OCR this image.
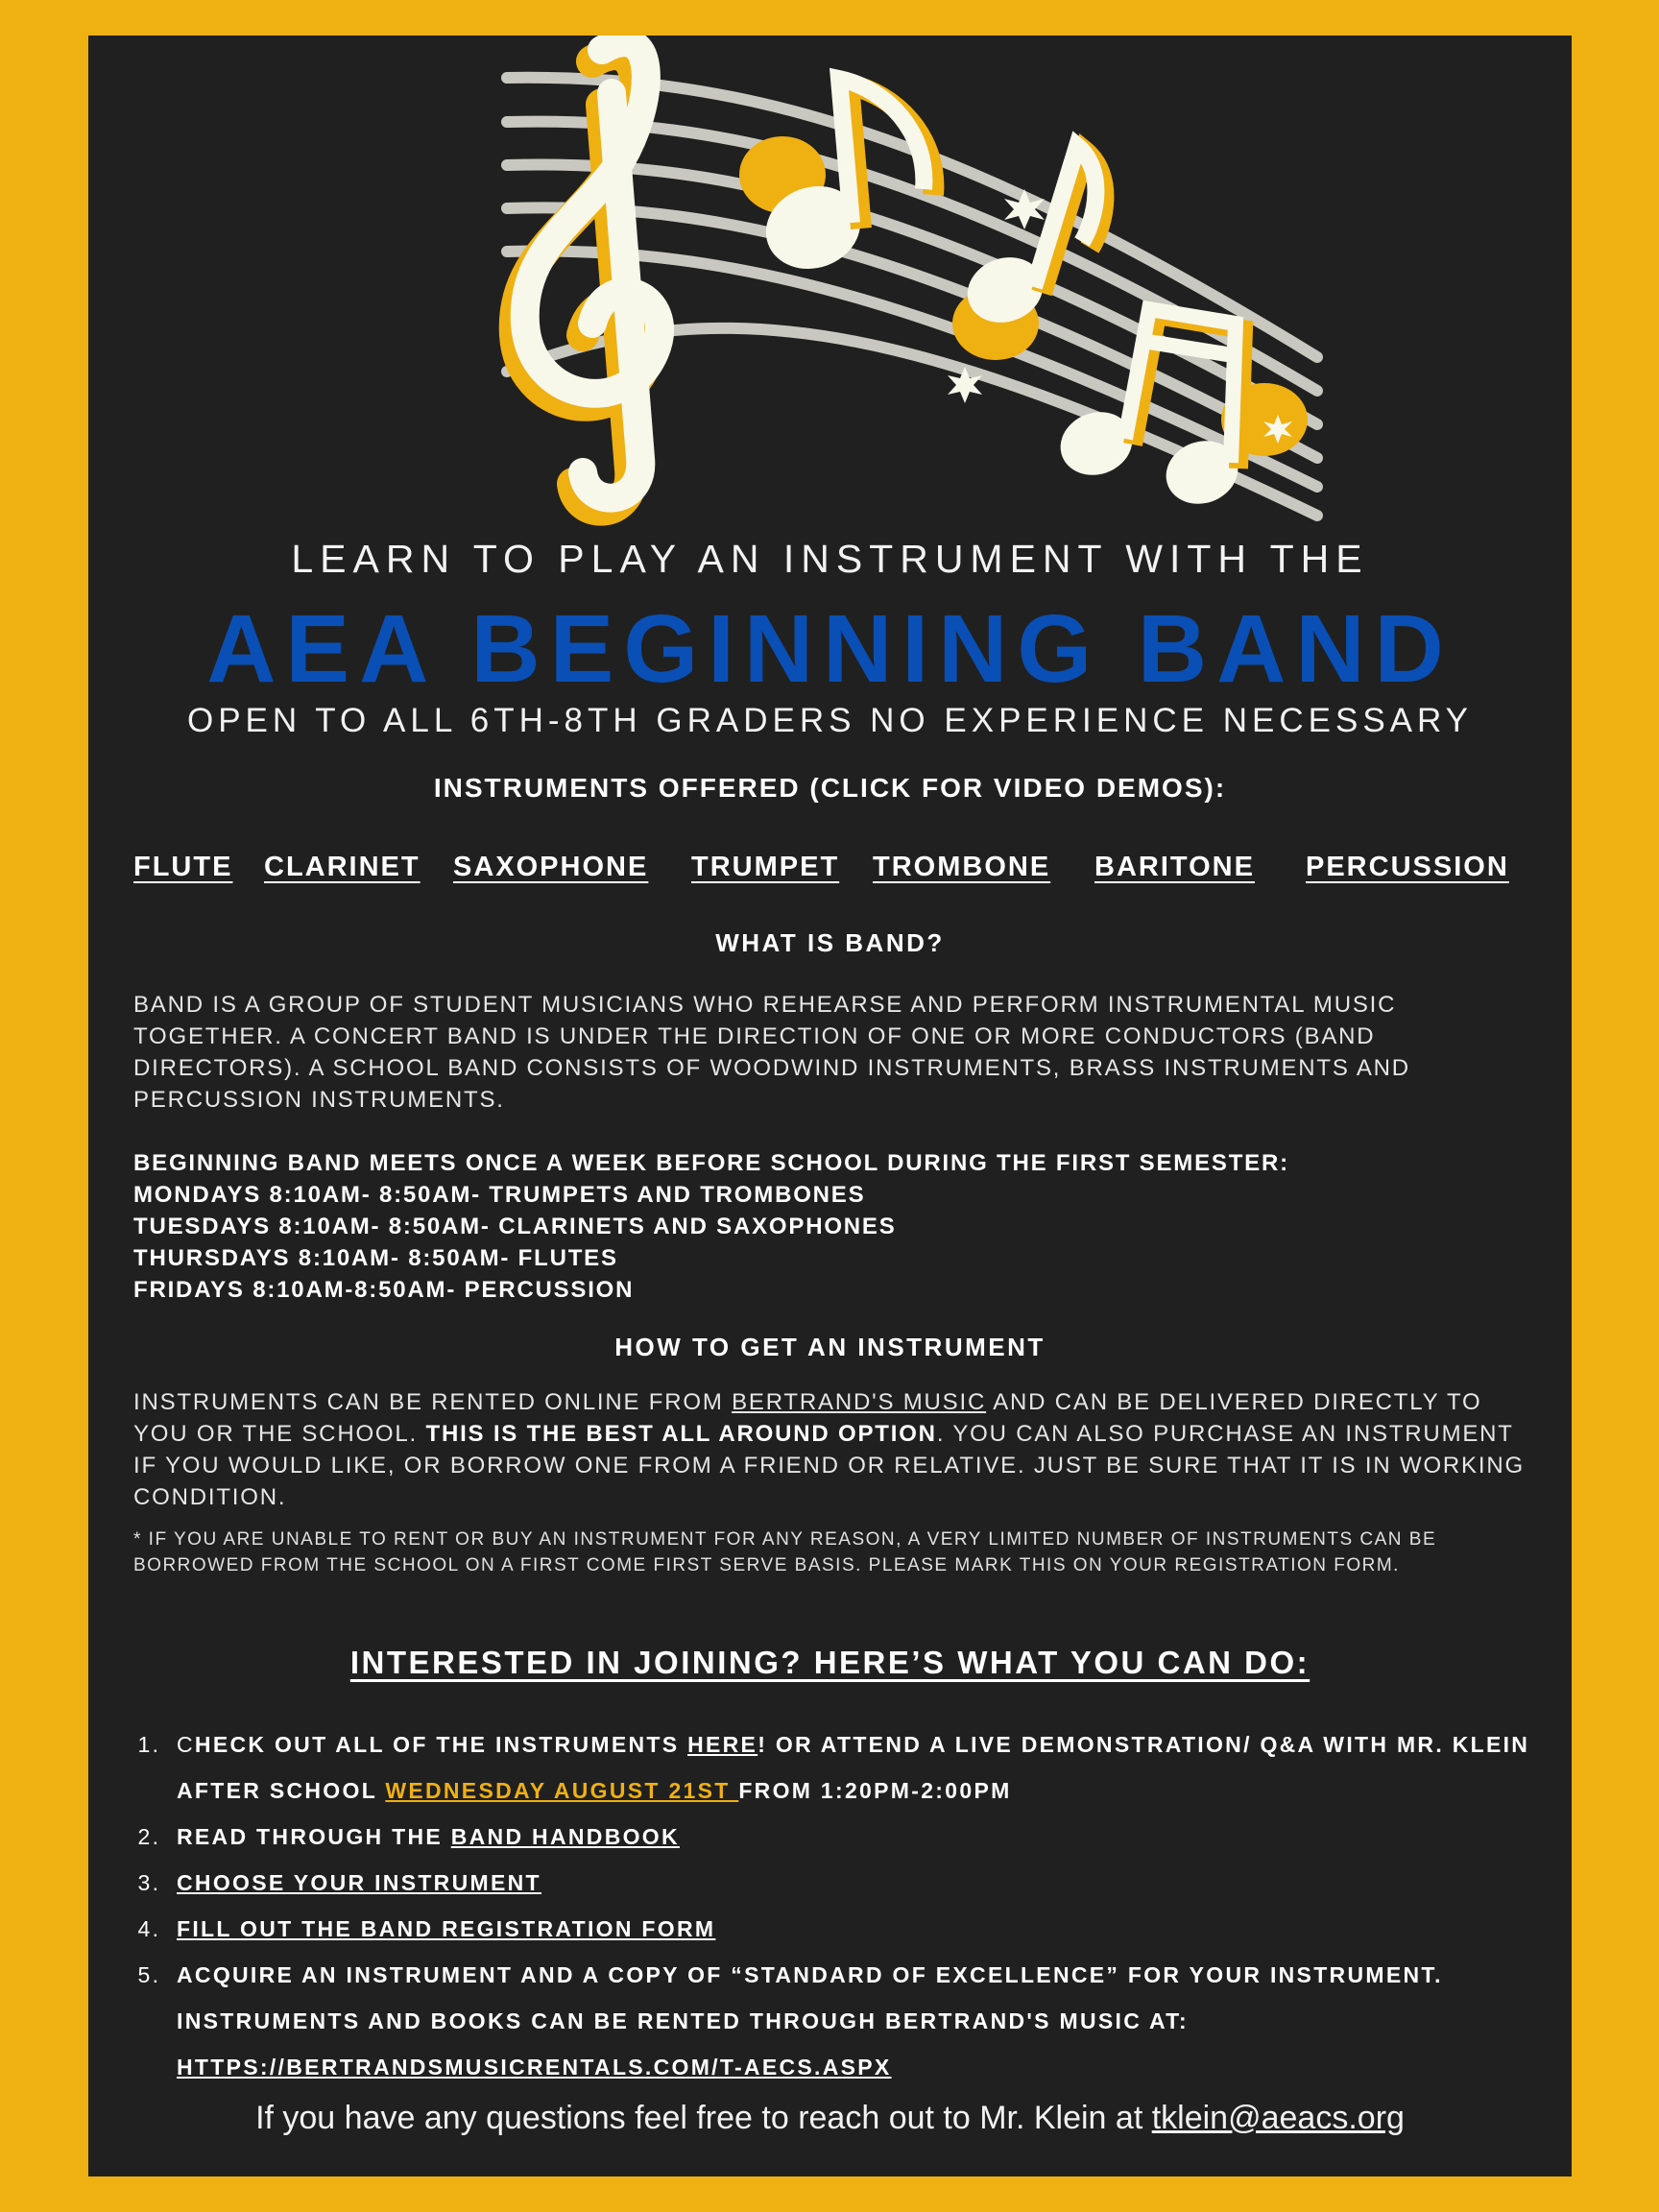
LEARN TO PLAY AN INSTRUMENT WITH THE
AEA BEGINNING BAND
OPEN TO ALL 6TH-8TH GRADERS NO EXPERIENCE NECESSARY
INSTRUMENTS OFFERED (CLICK FOR VIDEO DEMOS):
FLUTE CLARINET SAXOPHONE TRUMPET TROMBONE BARITONE PERCUSSION
WHAT IS BAND?
BAND IS A GROUP OF STUDENT MUSICIANS WHO REHEARSE AND PERFORM INSTRUMENTAL MUSIC TOGETHER. A CONCERT BAND IS UNDER THE DIRECTION OF ONE OR MORE CONDUCTORS (BAND DIRECTORS). A SCHOOL BAND CONSISTS OF WOODWIND INSTRUMENTS, BRASS INSTRUMENTS AND PERCUSSION INSTRUMENTS.
BEGINNING BAND MEETS ONCE A WEEK BEFORE SCHOOL DURING THE FIRST SEMESTER:
MONDAYS 8:10AM- 8:50AM- TRUMPETS AND TROMBONES
TUESDAYS 8:10AM- 8:50AM- CLARINETS AND SAXOPHONES
THURSDAYS 8:10AM- 8:50AM- FLUTES
FRIDAYS 8:10AM-8:50AM- PERCUSSION
HOW TO GET AN INSTRUMENT
INSTRUMENTS CAN BE RENTED ONLINE FROM BERTRAND'S MUSIC AND CAN BE DELIVERED DIRECTLY TO YOU OR THE SCHOOL. THIS IS THE BEST ALL AROUND OPTION. YOU CAN ALSO PURCHASE AN INSTRUMENT IF YOU WOULD LIKE, OR BORROW ONE FROM A FRIEND OR RELATIVE. JUST BE SURE THAT IT IS IN WORKING CONDITION.
* IF YOU ARE UNABLE TO RENT OR BUY AN INSTRUMENT FOR ANY REASON, A VERY LIMITED NUMBER OF INSTRUMENTS CAN BE BORROWED FROM THE SCHOOL ON A FIRST COME FIRST SERVE BASIS. PLEASE MARK THIS ON YOUR REGISTRATION FORM.
INTERESTED IN JOINING? HERE’S WHAT YOU CAN DO:
1. CHECK OUT ALL OF THE INSTRUMENTS HERE! OR ATTEND A LIVE DEMONSTRATION/ Q&A WITH MR. KLEIN AFTER SCHOOL WEDNESDAY AUGUST 21ST FROM 1:20PM-2:00PM
2. READ THROUGH THE BAND HANDBOOK
3. CHOOSE YOUR INSTRUMENT
4. FILL OUT THE BAND REGISTRATION FORM
5. ACQUIRE AN INSTRUMENT AND A COPY OF “STANDARD OF EXCELLENCE” FOR YOUR INSTRUMENT. INSTRUMENTS AND BOOKS CAN BE RENTED THROUGH BERTRAND'S MUSIC AT:
HTTPS://BERTRANDSMUSICRENTALS.COM/T-AECS.ASPX
If you have any questions feel free to reach out to Mr. Klein at tklein@aeacs.org
